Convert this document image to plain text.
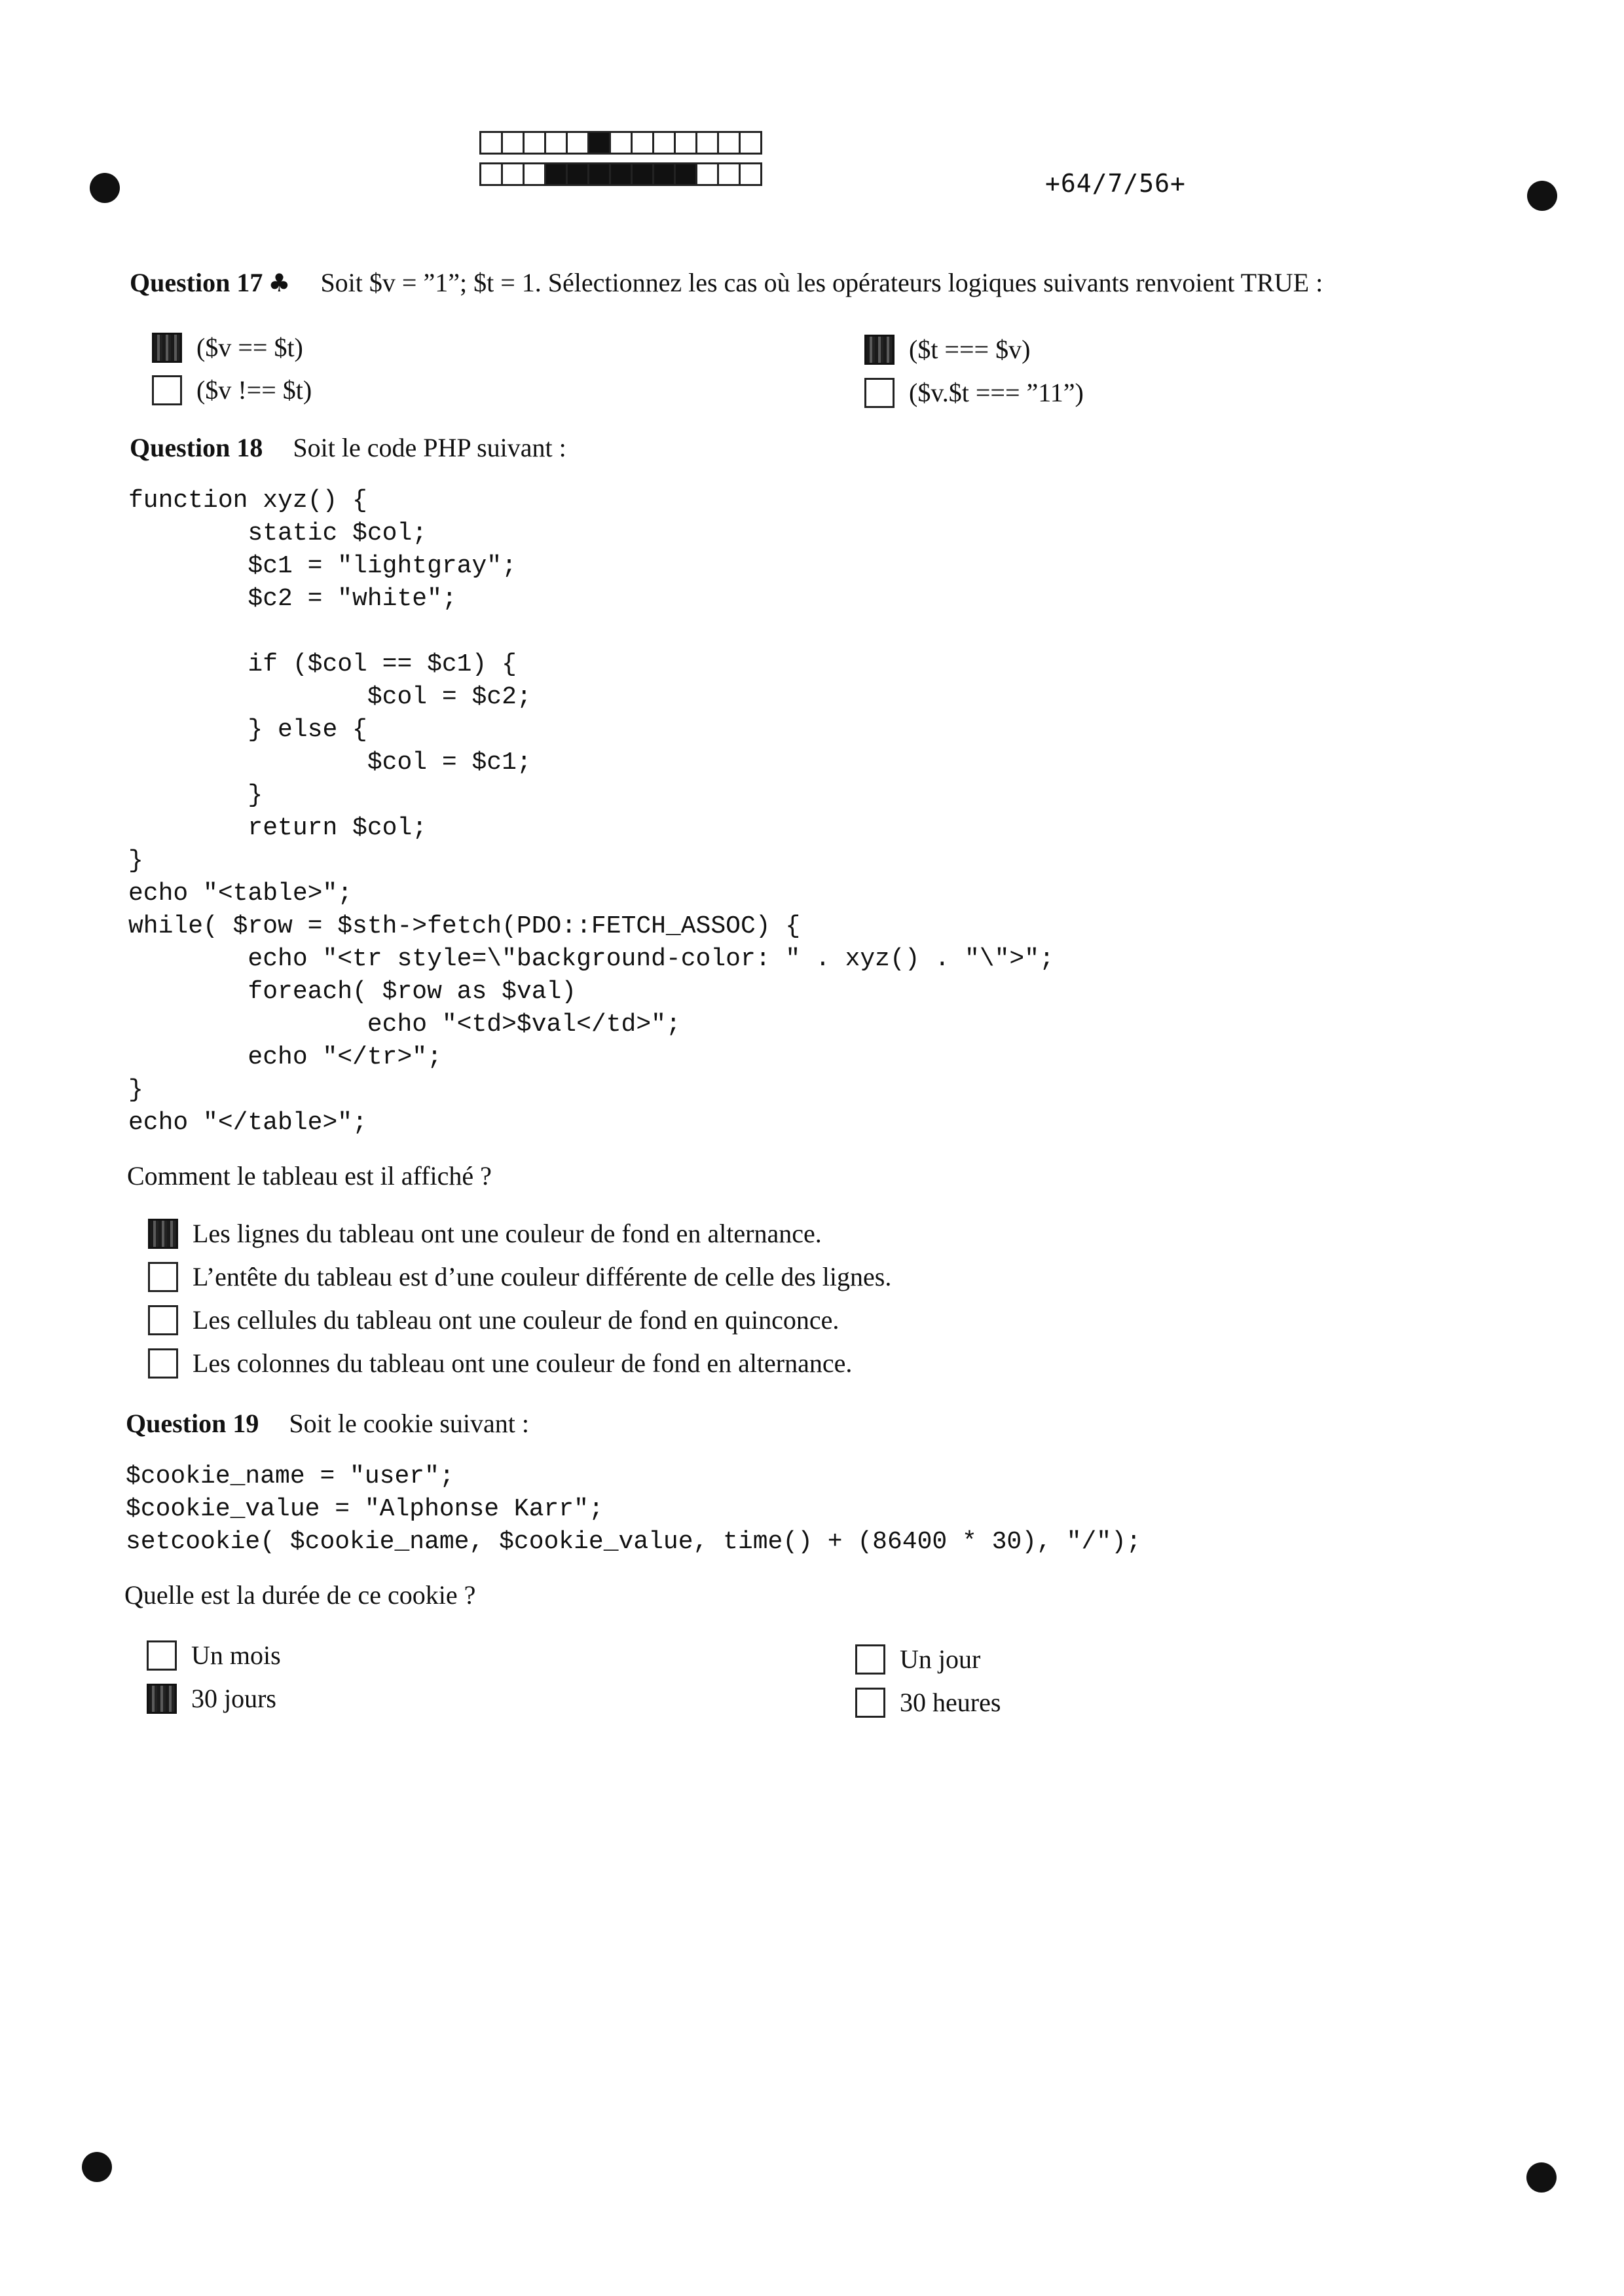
+64/7/56+
Question 17 ♣ Soit $v = ”1”; $t = 1. Sélectionnez les cas où les opérateurs logiques suivants renvoient TRUE :
($v == $t)	($t === $v)
($v !== $t)	($v.$t === ”11”)
Question 18 Soit le code PHP suivant :
function xyz() {
static $col;
$c1 = "lightgray";
$c2 = "white";

if ($col == $c1) {
$col = $c2;
} else {
$col = $c1;
}
return $col;
}
echo "<table>";
while( $row = $sth->fetch(PDO::FETCH_ASSOC) {
echo "<tr style=\"background-color: " . xyz() . "\">";
foreach( $row as $val)
echo "<td>$val</td>";
echo "</tr>";
}
echo "</table>";
Comment le tableau est il affiché ?
Les lignes du tableau ont une couleur de fond en alternance.
L’entête du tableau est d’une couleur différente de celle des lignes.
Les cellules du tableau ont une couleur de fond en quinconce.
Les colonnes du tableau ont une couleur de fond en alternance.
Question 19 Soit le cookie suivant :
$cookie_name = "user";
$cookie_value = "Alphonse Karr";
setcookie( $cookie_name, $cookie_value, time() + (86400 * 30), "/");
Quelle est la durée de ce cookie ?
Un mois	Un jour
30 jours	30 heures
